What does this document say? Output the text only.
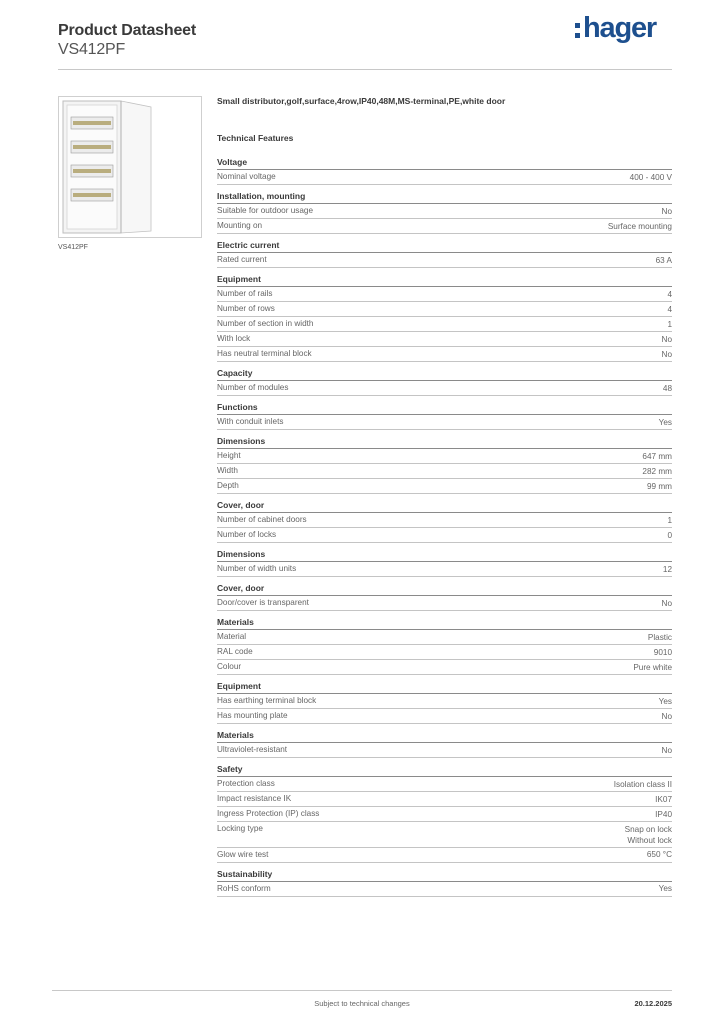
Product Datasheet
VS412PF
hager
VS412PF
Small distributor,golf,surface,4row,IP40,48M,MS-terminal,PE,white door
Technical Features
Voltage
Nominal voltage	400 - 400 V
Installation, mounting
Suitable for outdoor usage	No
Mounting on	Surface mounting
Electric current
Rated current	63 A
Equipment
Number of rails	4
Number of rows	4
Number of section in width	1
With lock	No
Has neutral terminal block	No
Capacity
Number of modules	48
Functions
With conduit inlets	Yes
Dimensions
Height	647 mm
Width	282 mm
Depth	99 mm
Cover, door
Number of cabinet doors	1
Number of locks	0
Dimensions
Number of width units	12
Cover, door
Door/cover is transparent	No
Materials
Material	Plastic
RAL code	9010
Colour	Pure white
Equipment
Has earthing terminal block	Yes
Has mounting plate	No
Materials
Ultraviolet-resistant	No
Safety
Protection class	Isolation class II
Impact resistance IK	IK07
Ingress Protection (IP) class	IP40
Locking type	Snap on lock
Without lock
Glow wire test	650 °C
Sustainability
RoHS conform	Yes
Subject to technical changes	20.12.2025
